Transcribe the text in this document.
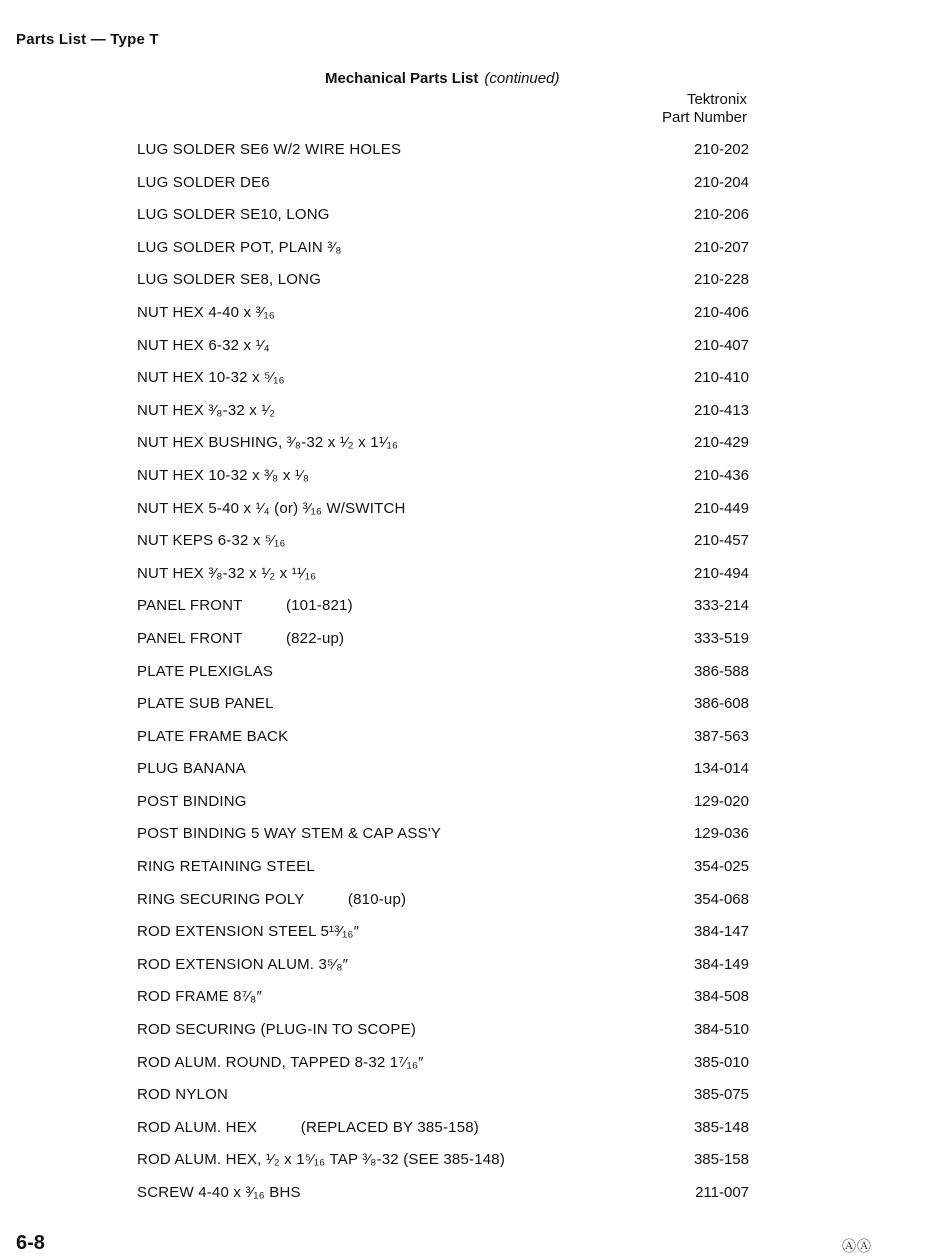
Parts List — Type T
Mechanical Parts List (continued)
Tektronix
Part Number
LUG SOLDER SE6 W/2 WIRE HOLES	210-202
LUG SOLDER DE6	210-204
LUG SOLDER SE10, LONG	210-206
LUG SOLDER POT, PLAIN ³⁄₈	210-207
LUG SOLDER SE8, LONG	210-228
NUT HEX 4-40 x ³⁄₁₆	210-406
NUT HEX 6-32 x ¹⁄₄	210-407
NUT HEX 10-32 x ⁵⁄₁₆	210-410
NUT HEX ³⁄₈-32 x ¹⁄₂	210-413
NUT HEX BUSHING, ³⁄₈-32 x ¹⁄₂ x 1¹⁄₁₆	210-429
NUT HEX 10-32 x ³⁄₈ x ¹⁄₈	210-436
NUT HEX 5-40 x ¹⁄₄ (or) ³⁄₁₆ W/SWITCH	210-449
NUT KEPS 6-32 x ⁵⁄₁₆	210-457
NUT HEX ³⁄₈-32 x ¹⁄₂ x ¹¹⁄₁₆	210-494
PANEL FRONT          (101-821)	333-214
PANEL FRONT          (822-up)	333-519
PLATE PLEXIGLAS	386-588
PLATE SUB PANEL	386-608
PLATE FRAME BACK	387-563
PLUG BANANA	134-014
POST BINDING	129-020
POST BINDING 5 WAY STEM & CAP ASS'Y	129-036
RING RETAINING STEEL	354-025
RING SECURING POLY          (810-up)	354-068
ROD EXTENSION STEEL 5¹³⁄₁₆″	384-147
ROD EXTENSION ALUM. 3⁵⁄₈″	384-149
ROD FRAME 8⁷⁄₈″	384-508
ROD SECURING (PLUG-IN TO SCOPE)	384-510
ROD ALUM. ROUND, TAPPED 8-32 1⁷⁄₁₆″	385-010
ROD NYLON	385-075
ROD ALUM. HEX          (REPLACED BY 385-158)	385-148
ROD ALUM. HEX, ¹⁄₂ x 1⁵⁄₁₆ TAP ³⁄₈-32 (SEE 385-148)	385-158
SCREW 4-40 x ³⁄₁₆ BHS	211-007
6-8	ⒶⒶ
